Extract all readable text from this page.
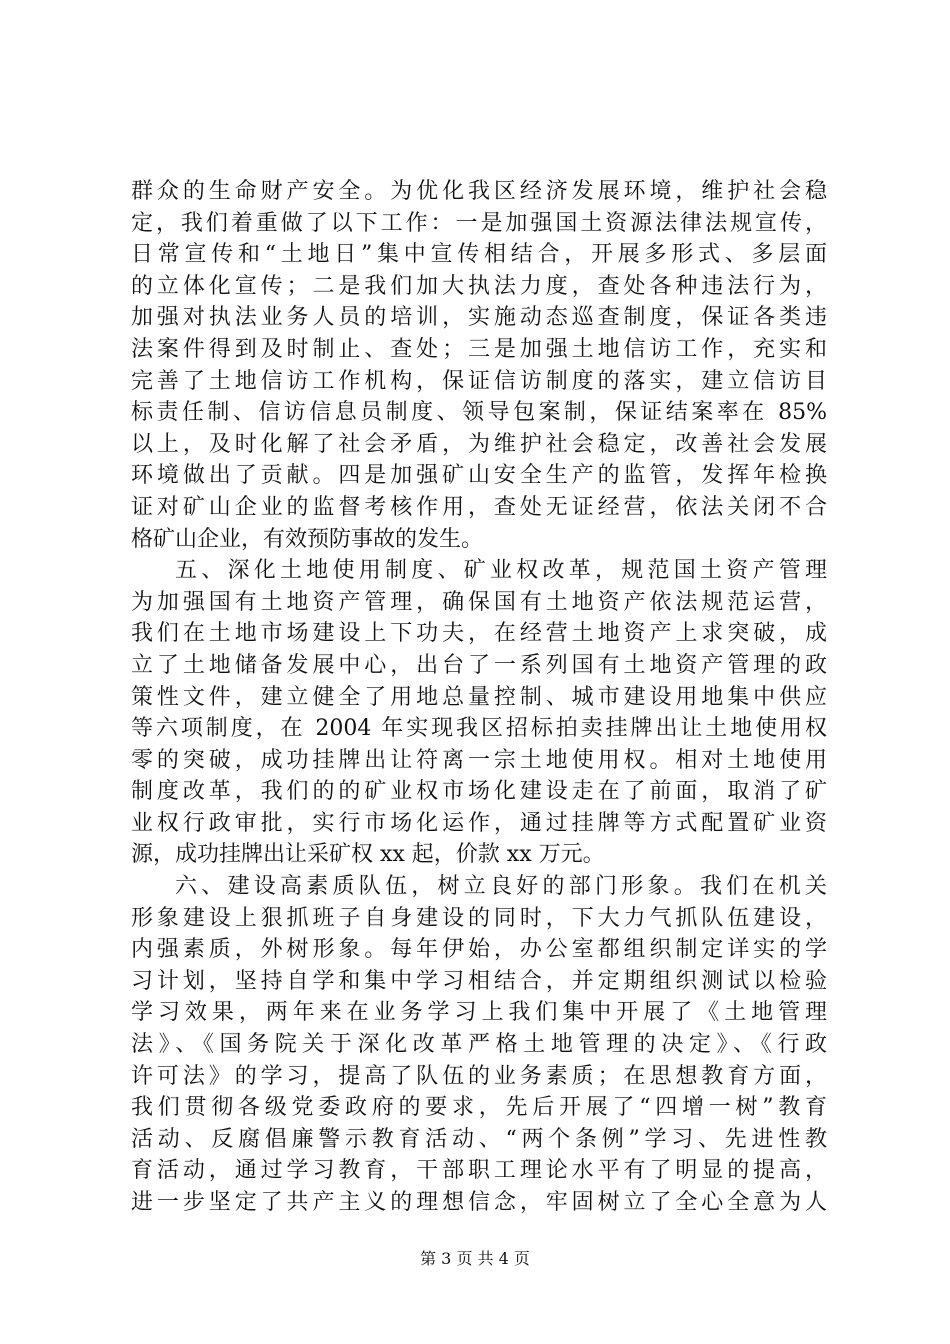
群众的生命财产安全。为优化我区经济发展环境，维护社会稳
定，我们着重做了以下工作：一是加强国土资源法律法规宣传，
日常宣传和“土地日”集中宣传相结合，开展多形式、多层面
的立体化宣传；二是我们加大执法力度，查处各种违法行为，
加强对执法业务人员的培训，实施动态巡查制度，保证各类违
法案件得到及时制止、查处；三是加强土地信访工作，充实和
完善了土地信访工作机构，保证信访制度的落实，建立信访目
标责任制、信访信息员制度、领导包案制，保证结案率在 85%
以上，及时化解了社会矛盾，为维护社会稳定，改善社会发展
环境做出了贡献。四是加强矿山安全生产的监管，发挥年检换
证对矿山企业的监督考核作用，查处无证经营，依法关闭不合
格矿山企业，有效预防事故的发生。
五、深化土地使用制度、矿业权改革，规范国土资产管理
为加强国有土地资产管理，确保国有土地资产依法规范运营，
我们在土地市场建设上下功夫，在经营土地资产上求突破，成
立了土地储备发展中心，出台了一系列国有土地资产管理的政
策性文件，建立健全了用地总量控制、城市建设用地集中供应
等六项制度，在 2004 年实现我区招标拍卖挂牌出让土地使用权
零的突破，成功挂牌出让符离一宗土地使用权。相对土地使用
制度改革，我们的的矿业权市场化建设走在了前面，取消了矿
业权行政审批，实行市场化运作，通过挂牌等方式配置矿业资
源，成功挂牌出让采矿权 xx 起，价款 xx 万元。
六、建设高素质队伍，树立良好的部门形象。我们在机关
形象建设上狠抓班子自身建设的同时，下大力气抓队伍建设，
内强素质，外树形象。每年伊始，办公室都组织制定详实的学
习计划，坚持自学和集中学习相结合，并定期组织测试以检验
学习效果，两年来在业务学习上我们集中开展了《土地管理
法》、《国务院关于深化改革严格土地管理的决定》、《行政
许可法》的学习，提高了队伍的业务素质；在思想教育方面，
我们贯彻各级党委政府的要求，先后开展了“四增一树”教育
活动、反腐倡廉警示教育活动、“两个条例”学习、先进性教
育活动，通过学习教育，干部职工理论水平有了明显的提高，
进一步坚定了共产主义的理想信念，牢固树立了全心全意为人
第 3 页 共 4 页
